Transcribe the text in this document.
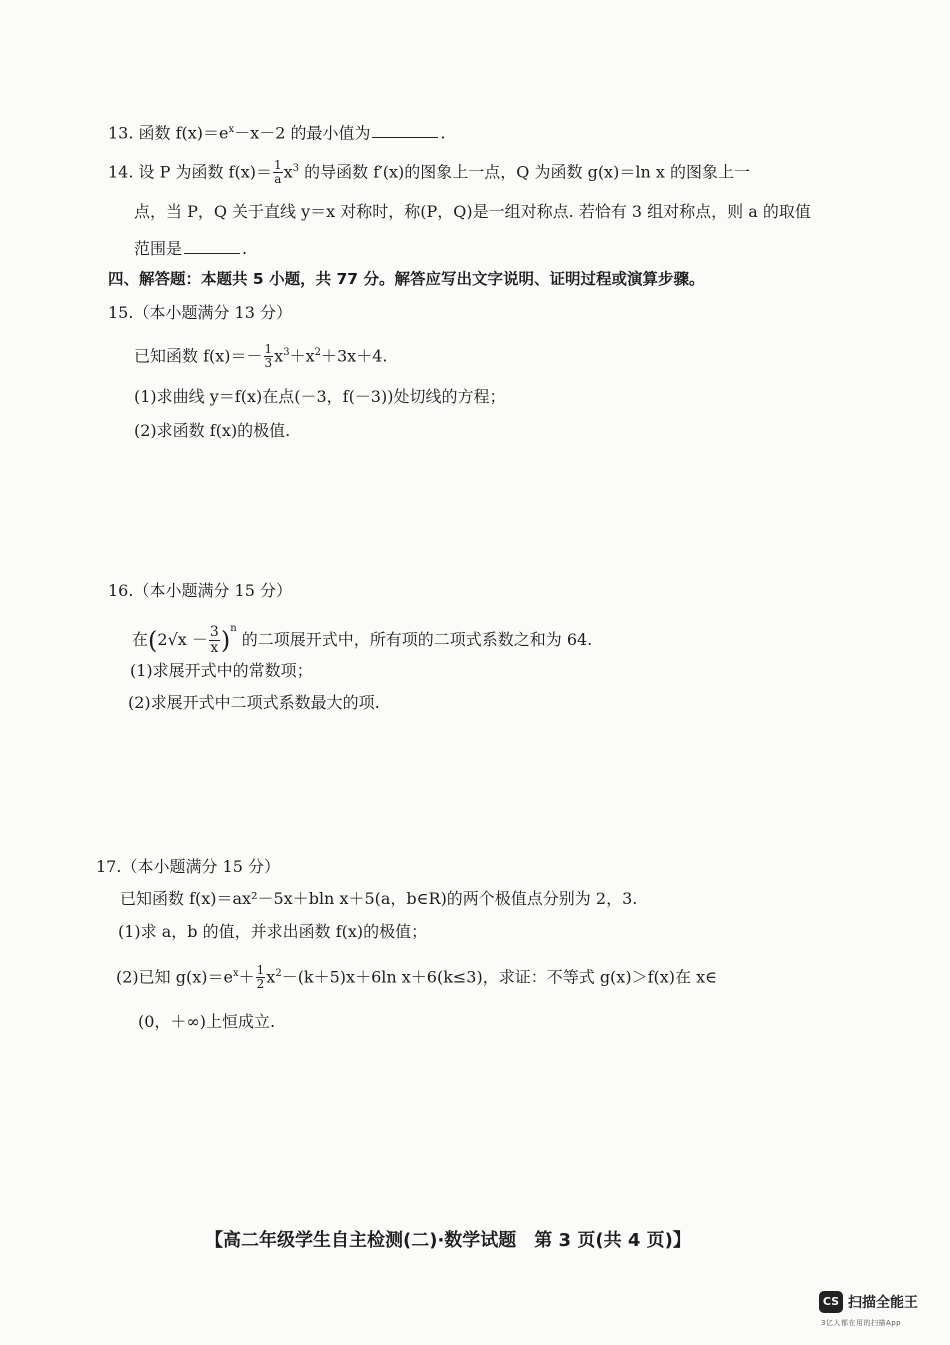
13. 函数 $f(x)=e^x-x-2$ 的最小值为	.
14. 设 P 为函数 $f(x)= \frac{1}{a} x^3$ 的导函数 f′(x)的图象上一点，Q 为函数 g(x)＝ln x 的图象上一
点，当 P，Q 关于直线 y＝x 对称时，称(P，Q)是一组对称点. 若恰有 3 组对称点，则 a 的取值
范围是	.
四、解答题：本题共 5 小题，共 77 分。解答应写出文字说明、证明过程或演算步骤。
15.（本小题满分 13 分）
已知函数 $f(x)=- \frac{1}{3} x^3+x^2+3x+4$.
(1)求曲线 y＝f(x)在点(－3，f(－3))处切线的方程；
(2)求函数 f(x)的极值.
16.（本小题满分 15 分）
在$(2√x - \frac{3}{x} )^n$ 的二项展开式中，所有项的二项式系数之和为 64.
(1)求展开式中的常数项；
(2)求展开式中二项式系数最大的项.
17.（本小题满分 15 分）
已知函数 f(x)＝ax²－5x＋bln x＋5(a，b∈R)的两个极值点分别为 2，3.
(1)求 a，b 的值，并求出函数 f(x)的极值；
(2)已知 $g(x)=e^x+ \frac{1}{2} x^2-(k+5)x+6\ln$ x＋6(k≤3)，求证：不等式 g(x)＞f(x)在 x∈
(0，＋∞)上恒成立.
【高二年级学生自主检测(二)·数学试题　第 3 页(共 4 页)】
CS 扫描全能王
3亿人都在用的扫描App
